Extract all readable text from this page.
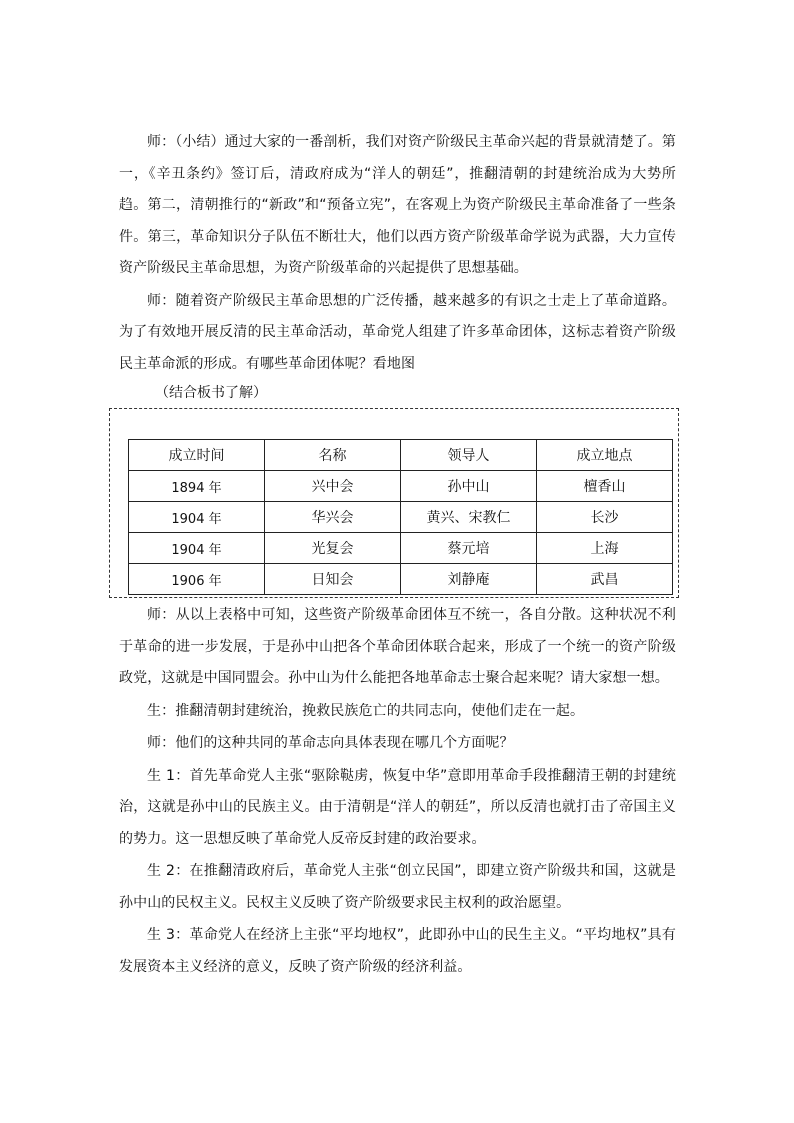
师：（小结）通过大家的一番剖析，我们对资产阶级民主革命兴起的背景就清楚了。第一，《辛丑条约》签订后，清政府成为“洋人的朝廷”，推翻清朝的封建统治成为大势所趋。第二，清朝推行的“新政”和“预备立宪”，在客观上为资产阶级民主革命准备了一些条件。第三，革命知识分子队伍不断壮大，他们以西方资产阶级革命学说为武器，大力宣传资产阶级民主革命思想，为资产阶级革命的兴起提供了思想基础。

师：随着资产阶级民主革命思想的广泛传播，越来越多的有识之士走上了革命道路。为了有效地开展反清的民主革命活动，革命党人组建了许多革命团体，这标志着资产阶级民主革命派的形成。有哪些革命团体呢？看地图

（结合板书了解）

成立时间	名称	领导人	成立地点
1894 年	兴中会	孙中山	檀香山
1904 年	华兴会	黄兴、宋教仁	长沙
1904 年	光复会	蔡元培	上海
1906 年	日知会	刘静庵	武昌

师：从以上表格中可知，这些资产阶级革命团体互不统一，各自分散。这种状况不利于革命的进一步发展，于是孙中山把各个革命团体联合起来，形成了一个统一的资产阶级政党，这就是中国同盟会。孙中山为什么能把各地革命志士聚合起来呢？请大家想一想。

生：推翻清朝封建统治，挽救民族危亡的共同志向，使他们走在一起。

师：他们的这种共同的革命志向具体表现在哪几个方面呢？

生 1：首先革命党人主张“驱除鞑虏，恢复中华”意即用革命手段推翻清王朝的封建统治，这就是孙中山的民族主义。由于清朝是“洋人的朝廷”，所以反清也就打击了帝国主义的势力。这一思想反映了革命党人反帝反封建的政治要求。

生 2：在推翻清政府后，革命党人主张“创立民国”，即建立资产阶级共和国，这就是孙中山的民权主义。民权主义反映了资产阶级要求民主权利的政治愿望。

生 3：革命党人在经济上主张“平均地权”，此即孙中山的民生主义。“平均地权”具有发展资本主义经济的意义，反映了资产阶级的经济利益。
